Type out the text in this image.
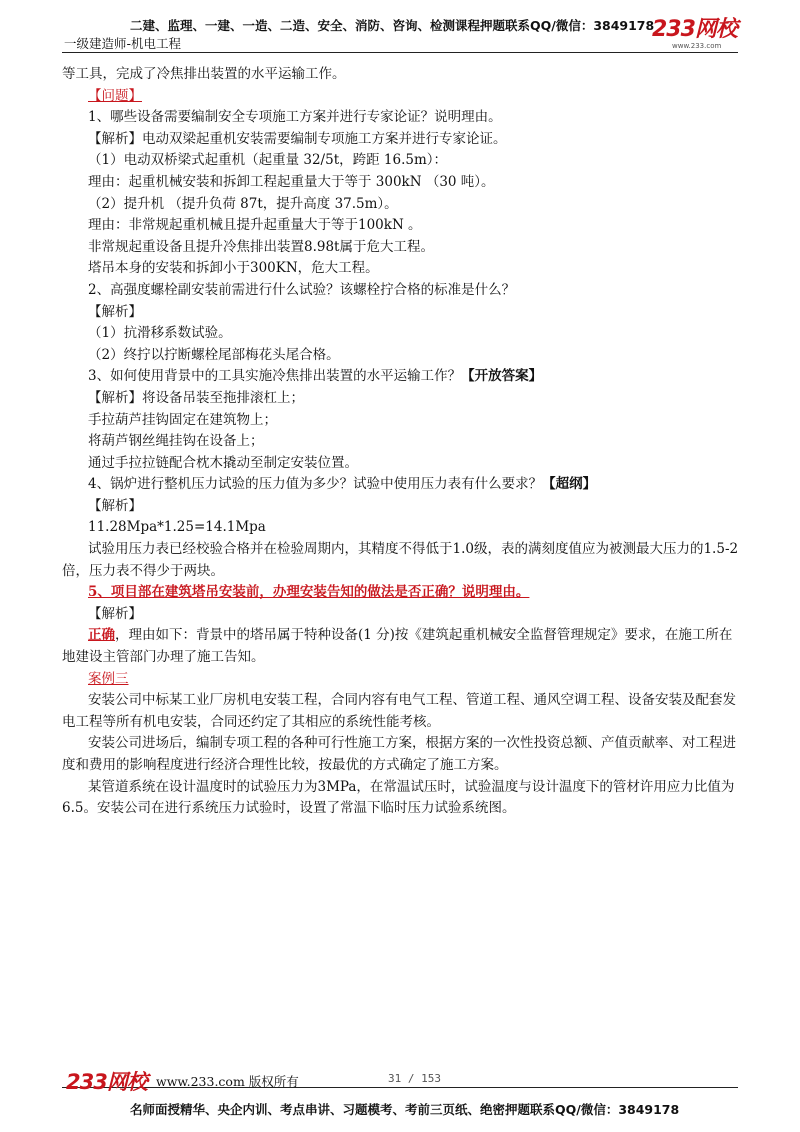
二建、监理、一建、一造、二造、安全、消防、咨询、检测课程押题联系QQ/微信：3849178
一级建造师-机电工程
233网校
www.233.com

等工具，完成了冷焦排出装置的水平运输工作。

【问题】

1、哪些设备需要编制安全专项施工方案并进行专家论证？说明理由。

【解析】电动双梁起重机安装需要编制专项施工方案并进行专家论证。

（1）电动双桥梁式起重机（起重量 32/5t，跨距 16.5m）：

理由：起重机械安装和拆卸工程起重量大于等于 300kN （30 吨）。

（2）提升机 （提升负荷 87t，提升高度 37.5m）。

理由：非常规起重机械且提升起重量大于等于100kN 。

非常规起重设备且提升冷焦排出装置8.98t属于危大工程。

塔吊本身的安装和拆卸小于300KN，危大工程。

2、高强度螺栓副安装前需进行什么试验？该螺栓拧合格的标准是什么？

【解析】

（1）抗滑移系数试验。

（2）终拧以拧断螺栓尾部梅花头尾合格。

3、如何使用背景中的工具实施冷焦排出装置的水平运输工作？【开放答案】

【解析】将设备吊装至拖排滚杠上；

手拉葫芦挂钩固定在建筑物上；

将葫芦钢丝绳挂钩在设备上；

通过手拉拉链配合枕木撬动至制定安装位置。

4、锅炉进行整机压力试验的压力值为多少？试验中使用压力表有什么要求？【超纲】

【解析】

11.28Mpa*1.25=14.1Mpa

试验用压力表已经校验合格并在检验周期内，其精度不得低于1.0级，表的满刻度值应为被测最大压力的1.5-2倍，压力表不得少于两块。

5、项目部在建筑塔吊安装前，办理安装告知的做法是否正确？说明理由。

【解析】

正确，理由如下：背景中的塔吊属于特种设备(1 分)按《建筑起重机械安全监督管理规定》要求，在施工所在地建设主管部门办理了施工告知。

案例三

安装公司中标某工业厂房机电安装工程，合同内容有电气工程、管道工程、通风空调工程、设备安装及配套发电工程等所有机电安装，合同还约定了其相应的系统性能考核。

安装公司进场后，编制专项工程的各种可行性施工方案，根据方案的一次性投资总额、产值贡献率、对工程进度和费用的影响程度进行经济合理性比较，按最优的方式确定了施工方案。

某管道系统在设计温度时的试验压力为3MPa，在常温试压时，试验温度与设计温度下的管材许用应力比值为6.5。安装公司在进行系统压力试验时，设置了常温下临时压力试验系统图。

233网校 www.233.com 版权所有	31 / 153
名师面授精华、央企内训、考点串讲、习题模考、考前三页纸、绝密押题联系QQ/微信：3849178
